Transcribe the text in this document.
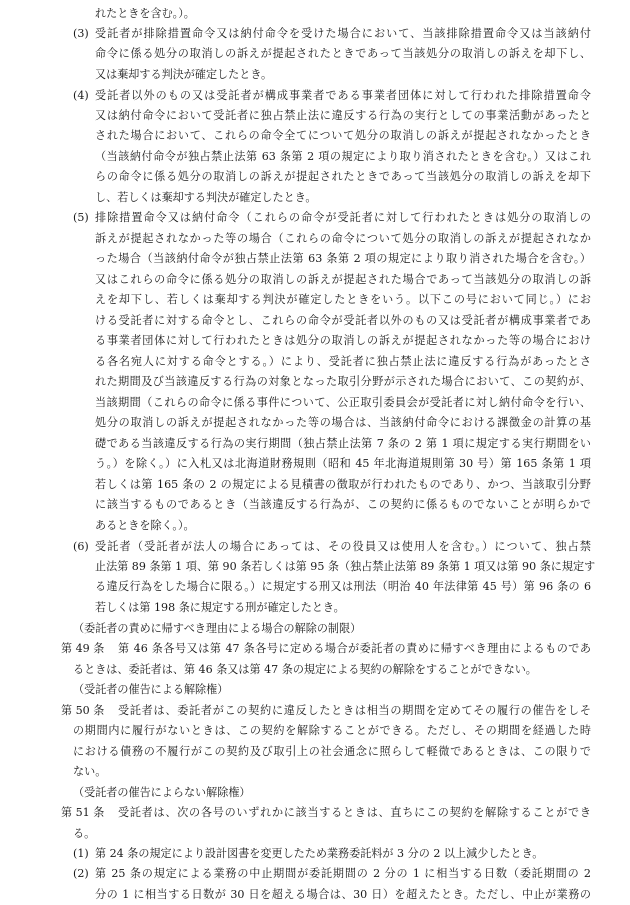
れたときを含む。）。
(3) 受託者が排除措置命令又は納付命令を受けた場合において、当該排除措置命令又は当該納付
命令に係る処分の取消しの訴えが提起されたときであって当該処分の取消しの訴えを却下し、
又は棄却する判決が確定したとき。
(4) 受託者以外のもの又は受託者が構成事業者である事業者団体に対して行われた排除措置命令
又は納付命令において受託者に独占禁止法に違反する行為の実行としての事業活動があったと
された場合において、これらの命令全てについて処分の取消しの訴えが提起されなかったとき
（当該納付命令が独占禁止法第 63 条第 2 項の規定により取り消されたときを含む。）又はこれ
らの命令に係る処分の取消しの訴えが提起されたときであって当該処分の取消しの訴えを却下
し、若しくは棄却する判決が確定したとき。
(5) 排除措置命令又は納付命令（これらの命令が受託者に対して行われたときは処分の取消しの
訴えが提起されなかった等の場合（これらの命令について処分の取消しの訴えが提起されなか
った場合（当該納付命令が独占禁止法第 63 条第 2 項の規定により取り消された場合を含む。）
又はこれらの命令に係る処分の取消しの訴えが提起された場合であって当該処分の取消しの訴
えを却下し、若しくは棄却する判決が確定したときをいう。以下この号において同じ。）にお
ける受託者に対する命令とし、これらの命令が受託者以外のもの又は受託者が構成事業者であ
る事業者団体に対して行われたときは処分の取消しの訴えが提起されなかった等の場合におけ
る各名宛人に対する命令とする。）により、受託者に独占禁止法に違反する行為があったとさ
れた期間及び当該違反する行為の対象となった取引分野が示された場合において、この契約が、
当該期間（これらの命令に係る事件について、公正取引委員会が受託者に対し納付命令を行い、
処分の取消しの訴えが提起されなかった等の場合は、当該納付命令における課徴金の計算の基
礎である当該違反する行為の実行期間（独占禁止法第 7 条の 2 第 1 項に規定する実行期間をい
う。）を除く。）に入札又は北海道財務規則（昭和 45 年北海道規則第 30 号）第 165 条第 1 項
若しくは第 165 条の 2 の規定による見積書の徴取が行われたものであり、かつ、当該取引分野
に該当するものであるとき（当該違反する行為が、この契約に係るものでないことが明らかで
あるときを除く。）。
(6) 受託者（受託者が法人の場合にあっては、その役員又は使用人を含む。）について、独占禁
止法第 89 条第 1 項、第 90 条若しくは第 95 条（独占禁止法第 89 条第 1 項又は第 90 条に規定す
る違反行為をした場合に限る。）に規定する刑又は刑法（明治 40 年法律第 45 号）第 96 条の 6
若しくは第 198 条に規定する刑が確定したとき。
（委託者の責めに帰すべき理由による場合の解除の制限）
第 49 条 第 46 条各号又は第 47 条各号に定める場合が委託者の責めに帰すべき理由によるものであ
るときは、委託者は、第 46 条又は第 47 条の規定による契約の解除をすることができない。
（受託者の催告による解除権）
第 50 条 受託者は、委託者がこの契約に違反したときは相当の期間を定めてその履行の催告をしそ
の期間内に履行がないときは、この契約を解除することができる。ただし、その期間を経過した時
における債務の不履行がこの契約及び取引上の社会通念に照らして軽微であるときは、この限りで
ない。
（受託者の催告によらない解除権）
第 51 条 受託者は、次の各号のいずれかに該当するときは、直ちにこの契約を解除することができ
る。
(1) 第 24 条の規定により設計図書を変更したため業務委託料が 3 分の 2 以上減少したとき。
(2) 第 25 条の規定による業務の中止期間が委託期間の 2 分の 1 に相当する日数（委託期間の 2
分の 1 に相当する日数が 30 日を超える場合は、30 日）を超えたとき。ただし、中止が業務の
